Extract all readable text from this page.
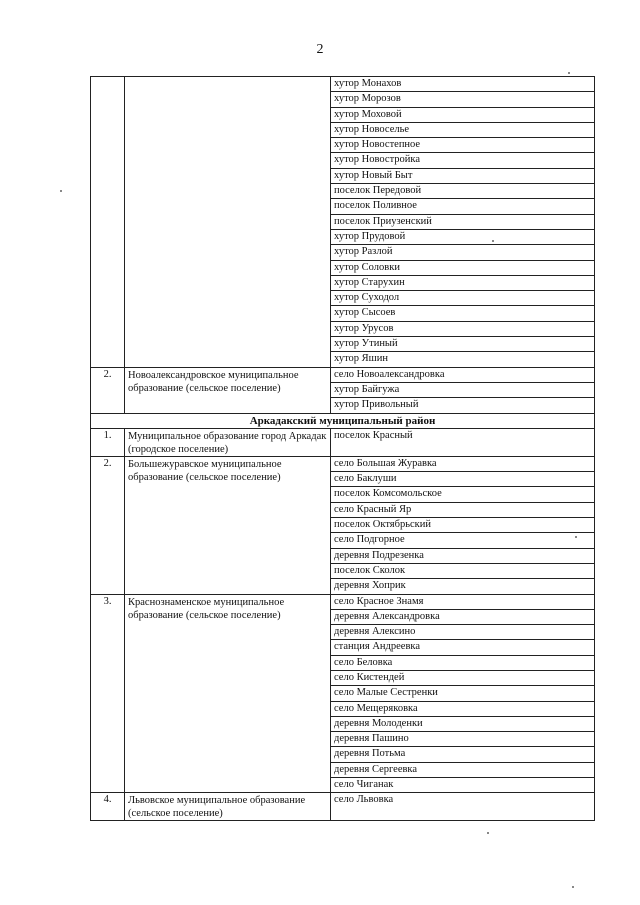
2
		хутор Монахов
		хутор Морозов
		хутор Моховой
		хутор Новоселье
		хутор Новостепное
		хутор Новостройка
		хутор Новый Быт
		поселок Передовой
		поселок Поливное
		поселок Приузенский
		хутор Прудовой
		хутор Разлой
		хутор Соловки
		хутор Старухин
		хутор Суходол
		хутор Сысоев
		хутор Урусов
		хутор Утиный
		хутор Яшин
2.	Новоалександровское муниципальное образование (сельское поселение)	село Новоалександровка
		хутор Байгужа
		хутор Привольный
Аркадакский муниципальный район		
1.	Муниципальное образование город Аркадак (городское поселение)	поселок Красный
2.	Большежуравское муниципальное образование (сельское поселение)	село Большая Журавка
		село Баклуши
		поселок Комсомольское
		село Красный Яр
		поселок Октябрьский
		село Подгорное
		деревня Подрезенка
		поселок Сколок
		деревня Хоприк
3.	Краснознаменское муниципальное образование (сельское поселение)	село Красное Знамя
		деревня Александровка
		деревня Алексино
		станция Андреевка
		село Беловка
		село Кистендей
		село Малые Сестренки
		село Мещеряковка
		деревня Молоденки
		деревня Пашино
		деревня Потьма
		деревня Сергеевка
		село Чиганак
4.	Львовское муниципальное образование (сельское поселение)	село Львовка
